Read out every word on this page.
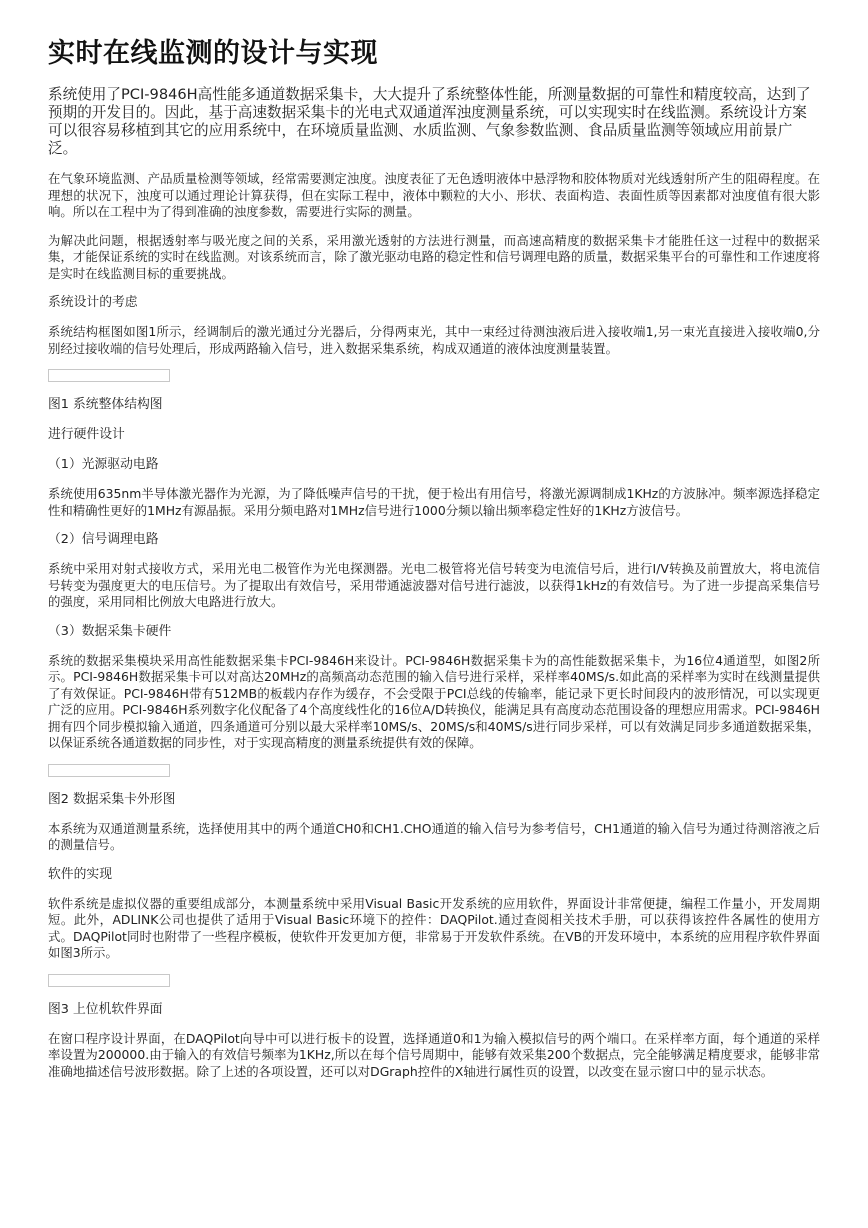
实时在线监测的设计与实现

系统使用了PCI-9846H高性能多通道数据采集卡，大大提升了系统整体性能，所测量数据的可靠性和精度较高，达到了预期的开发目的。因此，基于高速数据采集卡的光电式双通道浑浊度测量系统，可以实现实时在线监测。系统设计方案可以很容易移植到其它的应用系统中，在环境质量监测、水质监测、气象参数监测、食品质量监测等领域应用前景广泛。

在气象环境监测、产品质量检测等领域，经常需要测定浊度。浊度表征了无色透明液体中悬浮物和胶体物质对光线透射所产生的阻碍程度。在理想的状况下，浊度可以通过理论计算获得，但在实际工程中，液体中颗粒的大小、形状、表面构造、表面性质等因素都对浊度值有很大影响。所以在工程中为了得到准确的浊度参数，需要进行实际的测量。

为解决此问题，根据透射率与吸光度之间的关系，采用激光透射的方法进行测量，而高速高精度的数据采集卡才能胜任这一过程中的数据采集，才能保证系统的实时在线监测。对该系统而言，除了激光驱动电路的稳定性和信号调理电路的质量，数据采集平台的可靠性和工作速度将是实时在线监测目标的重要挑战。

系统设计的考虑

系统结构框图如图1所示，经调制后的激光通过分光器后，分得两束光，其中一束经过待测浊液后进入接收端1,另一束光直接进入接收端0,分别经过接收端的信号处理后，形成两路输入信号，进入数据采集系统，构成双通道的液体浊度测量装置。

图1 系统整体结构图

进行硬件设计

（1）光源驱动电路

系统使用635nm半导体激光器作为光源，为了降低噪声信号的干扰，便于检出有用信号，将激光源调制成1KHz的方波脉冲。频率源选择稳定性和精确性更好的1MHz有源晶振。采用分频电路对1MHz信号进行1000分频以输出频率稳定性好的1KHz方波信号。

（2）信号调理电路

系统中采用对射式接收方式，采用光电二极管作为光电探测器。光电二极管将光信号转变为电流信号后，进行I/V转换及前置放大，将电流信号转变为强度更大的电压信号。为了提取出有效信号，采用带通滤波器对信号进行滤波，以获得1kHz的有效信号。为了进一步提高采集信号的强度，采用同相比例放大电路进行放大。

（3）数据采集卡硬件

系统的数据采集模块采用高性能数据采集卡PCI-9846H来设计。PCI-9846H数据采集卡为的高性能数据采集卡，为16位4通道型，如图2所示。PCI-9846H数据采集卡可以对高达20MHz的高频高动态范围的输入信号进行采样，采样率40MS/s.如此高的采样率为实时在线测量提供了有效保证。PCI-9846H带有512MB的板载内存作为缓存，不会受限于PCI总线的传输率，能记录下更长时间段内的波形情况，可以实现更广泛的应用。PCI-9846H系列数字化仪配备了4个高度线性化的16位A/D转换仪，能满足具有高度动态范围设备的理想应用需求。PCI-9846H 拥有四个同步模拟输入通道，四条通道可分别以最大采样率10MS/s、20MS/s和40MS/s进行同步采样，可以有效满足同步多通道数据采集，以保证系统各通道数据的同步性，对于实现高精度的测量系统提供有效的保障。

图2 数据采集卡外形图

本系统为双通道测量系统，选择使用其中的两个通道CH0和CH1.CHO通道的输入信号为参考信号，CH1通道的输入信号为通过待测溶液之后的测量信号。

软件的实现

软件系统是虚拟仪器的重要组成部分，本测量系统中采用Visual Basic开发系统的应用软件，界面设计非常便捷，编程工作量小，开发周期短。此外，ADLINK公司也提供了适用于Visual Basic环境下的控件：DAQPilot.通过查阅相关技术手册，可以获得该控件各属性的使用方式。DAQPilot同时也附带了一些程序模板，使软件开发更加方便，非常易于开发软件系统。在VB的开发环境中，本系统的应用程序软件界面如图3所示。

图3 上位机软件界面

在窗口程序设计界面，在DAQPilot向导中可以进行板卡的设置，选择通道0和1为输入模拟信号的两个端口。在采样率方面，每个通道的采样率设置为200000.由于输入的有效信号频率为1KHz,所以在每个信号周期中，能够有效采集200个数据点，完全能够满足精度要求，能够非常准确地描述信号波形数据。除了上述的各项设置，还可以对DGraph控件的X轴进行属性页的设置，以改变在显示窗口中的显示状态。
